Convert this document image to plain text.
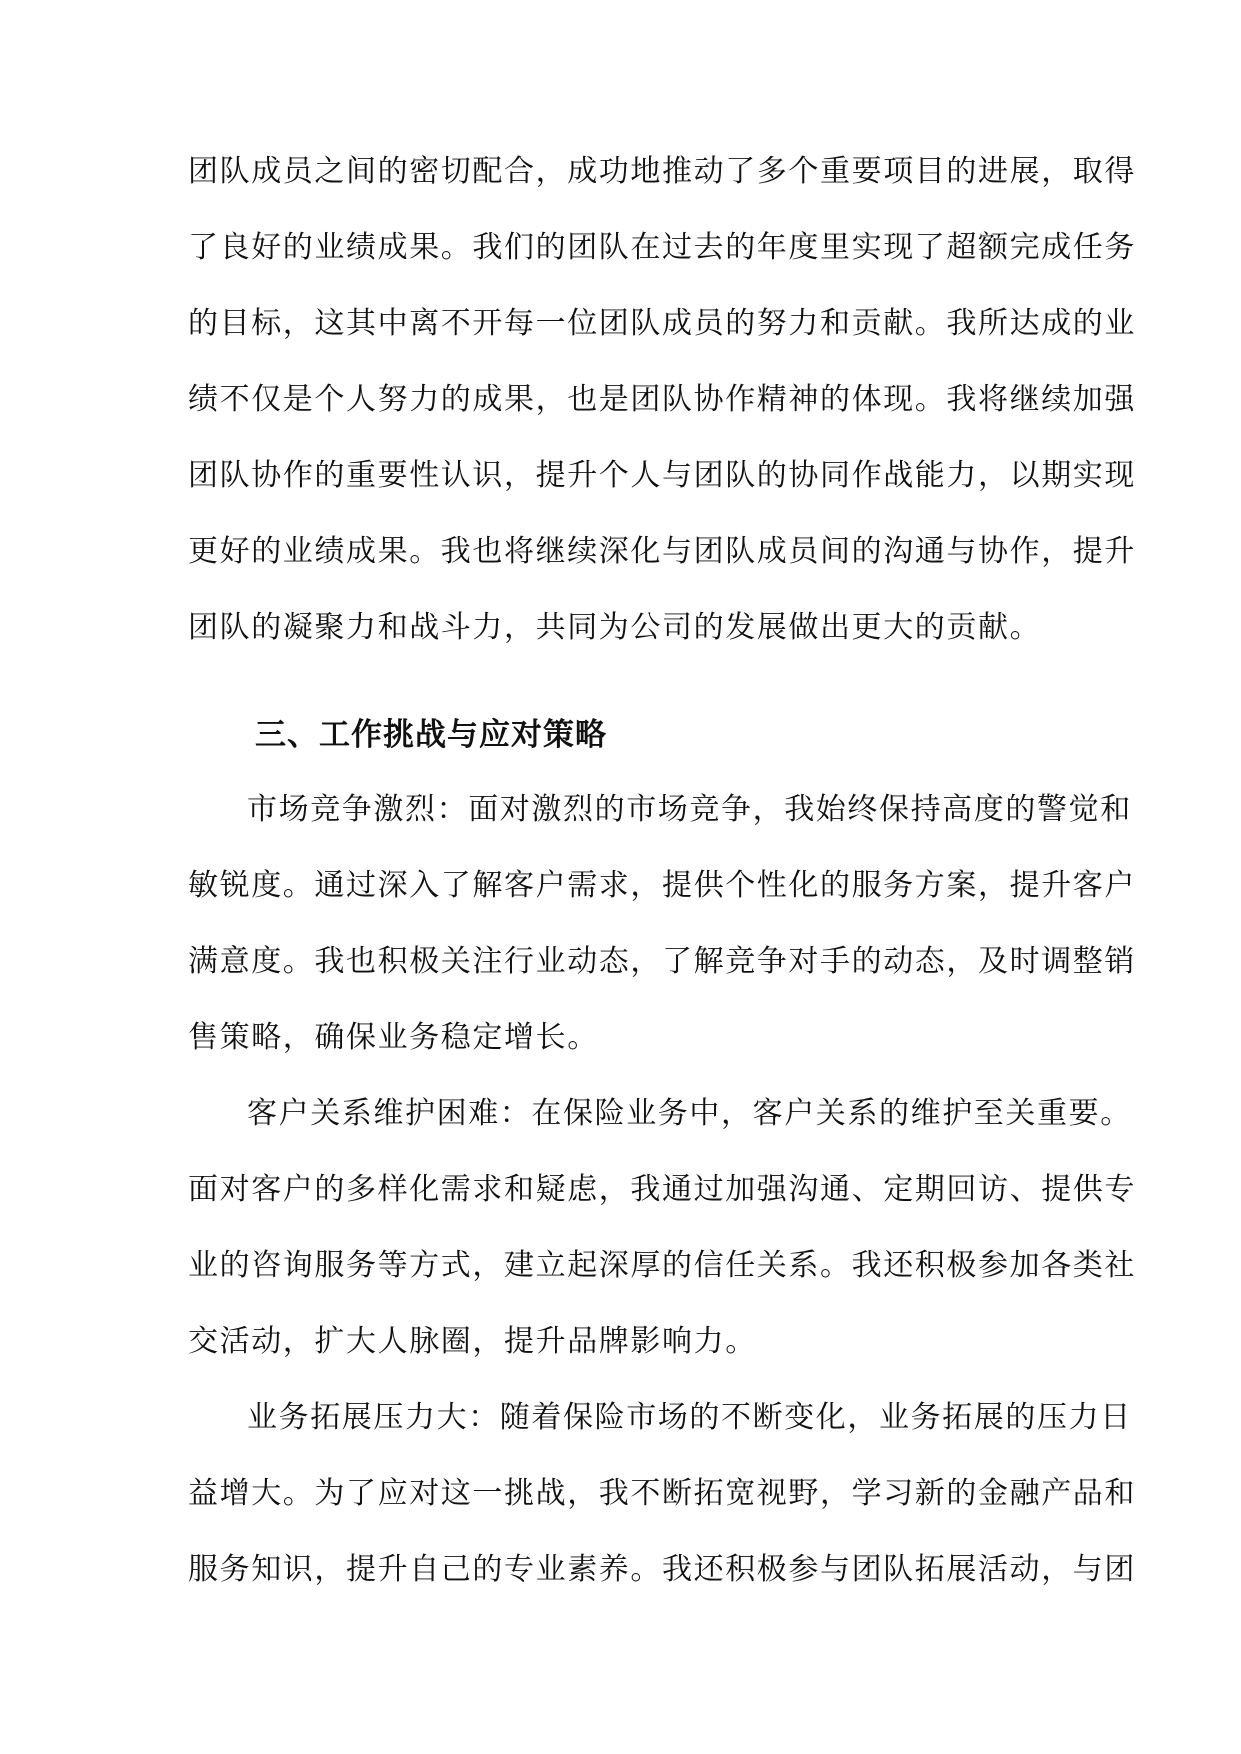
团队成员之间的密切配合，成功地推动了多个重要项目的进展，取得
了良好的业绩成果。我们的团队在过去的年度里实现了超额完成任务
的目标，这其中离不开每一位团队成员的努力和贡献。我所达成的业
绩不仅是个人努力的成果，也是团队协作精神的体现。我将继续加强
团队协作的重要性认识，提升个人与团队的协同作战能力，以期实现
更好的业绩成果。我也将继续深化与团队成员间的沟通与协作，提升
团队的凝聚力和战斗力，共同为公司的发展做出更大的贡献。
三、工作挑战与应对策略
市场竞争激烈：面对激烈的市场竞争，我始终保持高度的警觉和
敏锐度。通过深入了解客户需求，提供个性化的服务方案，提升客户
满意度。我也积极关注行业动态，了解竞争对手的动态，及时调整销
售策略，确保业务稳定增长。
客户关系维护困难：在保险业务中，客户关系的维护至关重要。
面对客户的多样化需求和疑虑，我通过加强沟通、定期回访、提供专
业的咨询服务等方式，建立起深厚的信任关系。我还积极参加各类社
交活动，扩大人脉圈，提升品牌影响力。
业务拓展压力大：随着保险市场的不断变化，业务拓展的压力日
益增大。为了应对这一挑战，我不断拓宽视野，学习新的金融产品和
服务知识，提升自己的专业素养。我还积极参与团队拓展活动，与团
